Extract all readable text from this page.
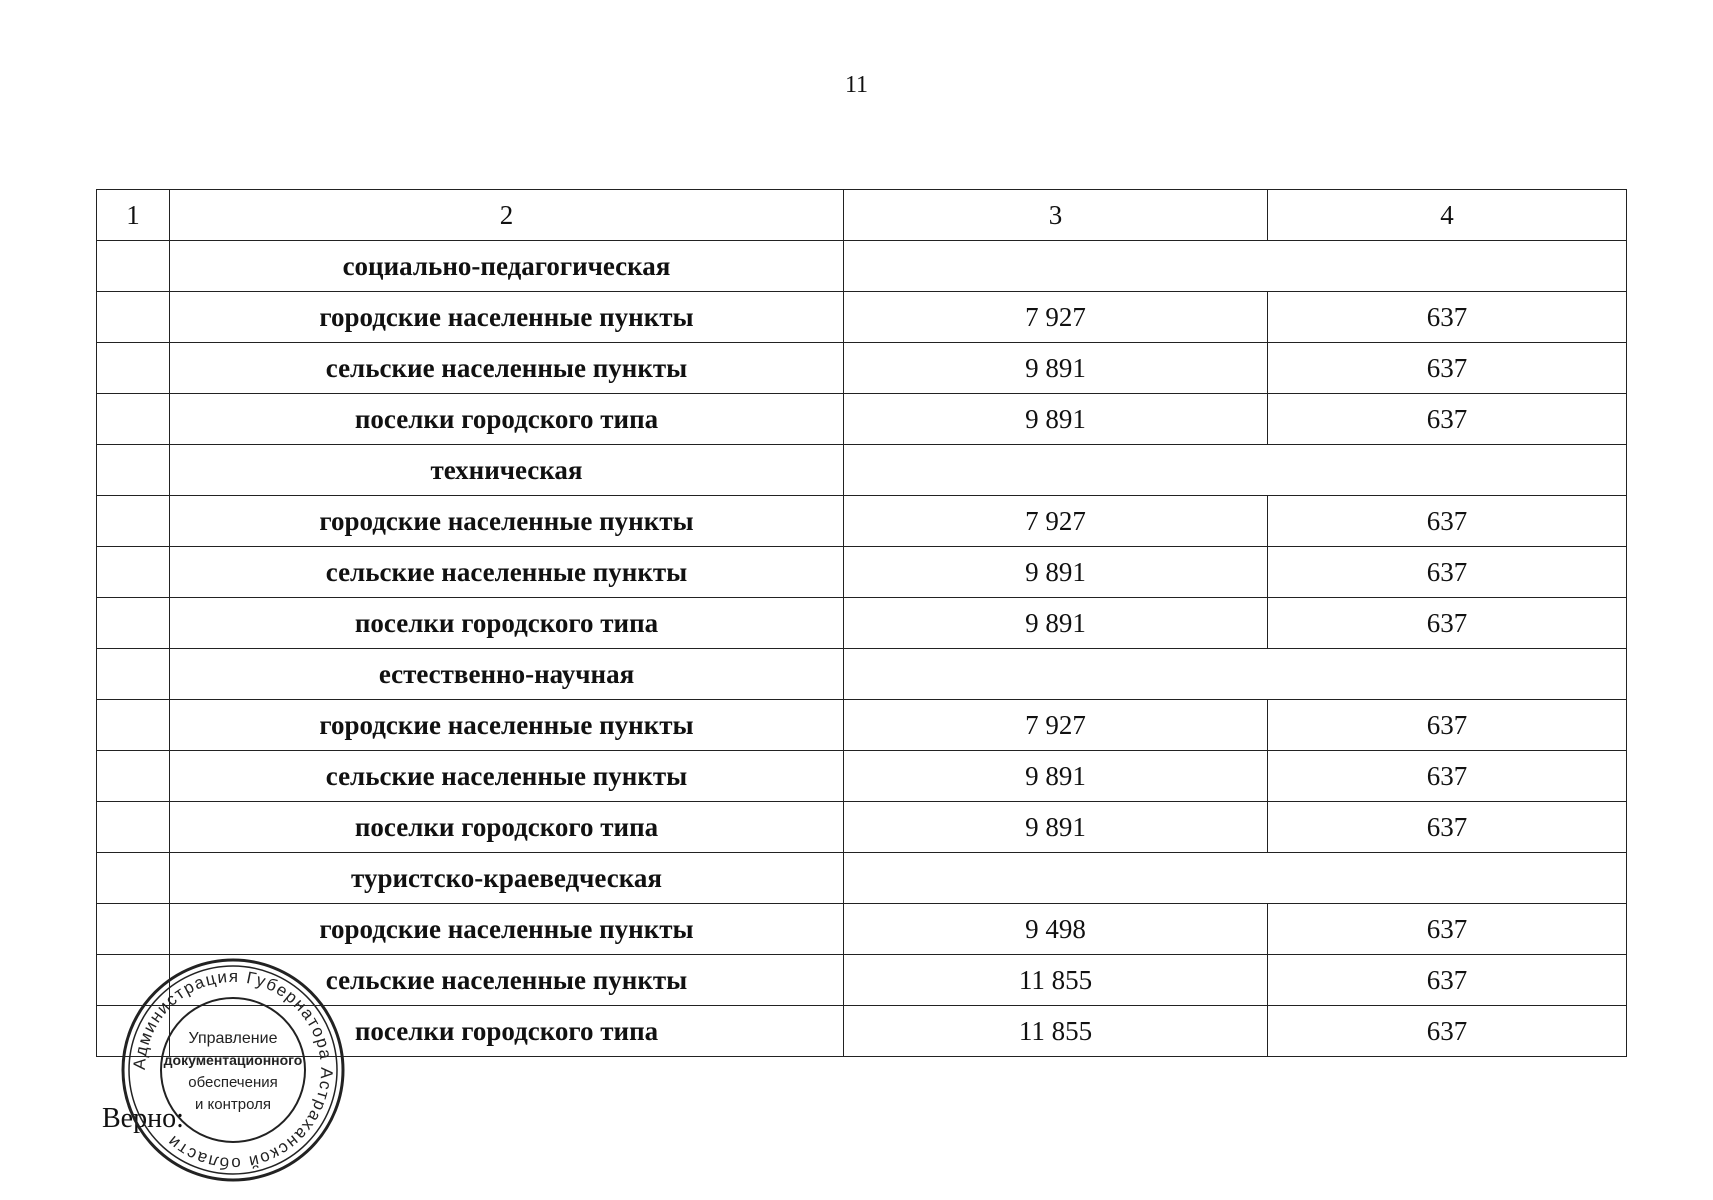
11
1	2	3	4
	социально-педагогическая		
	городские населенные пункты	7 927	637
	сельские населенные пункты	9 891	637
	поселки городского типа	9 891	637
	техническая		
	городские населенные пункты	7 927	637
	сельские населенные пункты	9 891	637
	поселки городского типа	9 891	637
	естественно-научная		
	городские населенные пункты	7 927	637
	сельские населенные пункты	9 891	637
	поселки городского типа	9 891	637
	туристско-краеведческая		
	городские населенные пункты	9 498	637
	сельские населенные пункты	11 855	637
	поселки городского типа	11 855	637
Верно:
Администрация Губернатора Астраханской области
Управление
документационного
обеспечения
и контроля
